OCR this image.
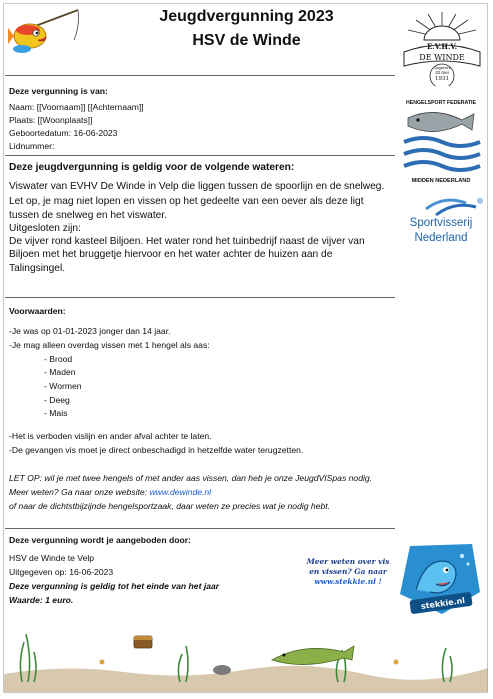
Jeugdvergunning 2023
HSV de Winde	E.V.H.V.
DE WINDE
Opgericht
22 mei
1931
HENGELSPORT FEDERATIE
MIDDEN NEDERLAND
Sportvisserij
Nederland
Deze vergunning is van:
Naam: [[Voornaam]] [[Achternaam]]
Plaats: [[Woonplaats]]
Geboortedatum: 16-06-2023
Lidnummer:
Deze jeugdvergunning is geldig voor de volgende wateren:
Viswater van EVHV De Winde in Velp die liggen tussen de spoorlijn en de snelweg.
Let op, je mag niet lopen en vissen op het gedeelte van een oever als deze ligt
tussen de snelweg en het viswater.
Uitgesloten zijn:
De vijver rond kasteel Biljoen. Het water rond het tuinbedrijf naast de vijver van
Biljoen met het bruggetje hiervoor en het water achter de huizen aan de
Talingsingel.
Voorwaarden:
-Je was op 01-01-2023 jonger dan 14 jaar.
-Je mag alleen overdag vissen met 1 hengel als aas:
- Brood
- Maden
- Wormen
- Deeg
- Mais
-Het is verboden vislijn en ander afval achter te laten.
-De gevangen vis moet je direct onbeschadigd in hetzelfde water terugzetten.
LET OP: wil je met twee hengels of met ander aas vissen, dan heb je onze JeugdVISpas nodig.
Meer weten? Ga naar onze website: www.dewinde.nl
of naar de dichtstbijzijnde hengelsportzaak, daar weten ze precies wat je nodig hebt.
Deze vergunning wordt je aangeboden door:
HSV de Winde te Velp
Uitgegeven op: 16-06-2023
Deze vergunning is geldig tot het einde van het jaar
Waarde: 1 euro.
Meer weten over vis
en vissen? Ga naar
www.stekkie.nl !
stekkie.nl
